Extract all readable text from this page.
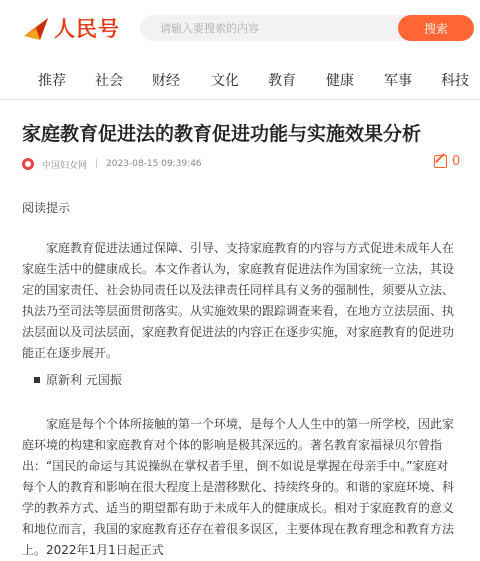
人民号
请输入要搜索的内容	搜索
推荐 社会 财经 文化 教育 健康 军事 科技
家庭教育促进法的教育促进功能与实施效果分析
中国妇女网 | 2023-08-15 09:39:46	0

阅读提示

家庭教育促进法通过保障、引导、支持家庭教育的内容与方式促进未成年人在家庭生活中的健康成长。本文作者认为，家庭教育促进法作为国家统一立法，其设定的国家责任、社会协同责任以及法律责任同样具有义务的强制性，须要从立法、执法乃至司法等层面贯彻落实。从实施效果的跟踪调查来看，在地方立法层面、执法层面以及司法层面，家庭教育促进法的内容正在逐步实施，对家庭教育的促进功能正在逐步展开。

原新利 元国振

家庭是每个个体所接触的第一个环境，是每个人人生中的第一所学校，因此家庭环境的构建和家庭教育对个体的影响是极其深远的。著名教育家福禄贝尔曾指出：“国民的命运与其说操纵在掌权者手里，倒不如说是掌握在母亲手中。”家庭对每个人的教育和影响在很大程度上是潜移默化、持续终身的。和谐的家庭环境、科学的教养方式、适当的期望都有助于未成年人的健康成长。相对于家庭教育的意义和地位而言，我国的家庭教育还存在着很多误区，主要体现在教育理念和教育方法上。2022年1月1日起正式
